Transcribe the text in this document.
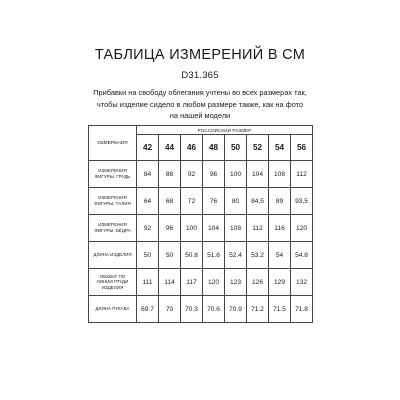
ТАБЛИЦА ИЗМЕРЕНИЙ В СМ
D31.365
Прибавки на свободу облегания учтены во всех размерах так,
чтобы изделие сидело в любом размере также, как на фото
на нашей модели
ИЗМЕРЕНИЯ	РОССИЙСКИЙ РАЗМЕР							
	42	44	46	48	50	52	54	56

ИЗМЕРЕНИЯ
ФИГУРЫ, ГРУДЬ	84	88	92	96	100	104	108	112

ИЗМЕРЕНИЯ
ФИГУРЫ, ТАЛИЯ	64	68	72	76	80	84,5	89	93,5

ИЗМЕРЕНИЯ
ФИГУРЫ, БЁДРА	92	96	100	104	108	112	116	120

ДЛИНА ИЗДЕЛИЯ	50	50	50.8	51.6	52.4	53.2	54	54.8

ОБХВАТ ПО
ЛИНИИ ГРУДИ
ИЗДЕЛИЯ	111	114	117	120	123	126	129	132

ДЛИНА РУКАВА	69.7	70	70.3	70.6	70.9	71.2	71.5	71.8
